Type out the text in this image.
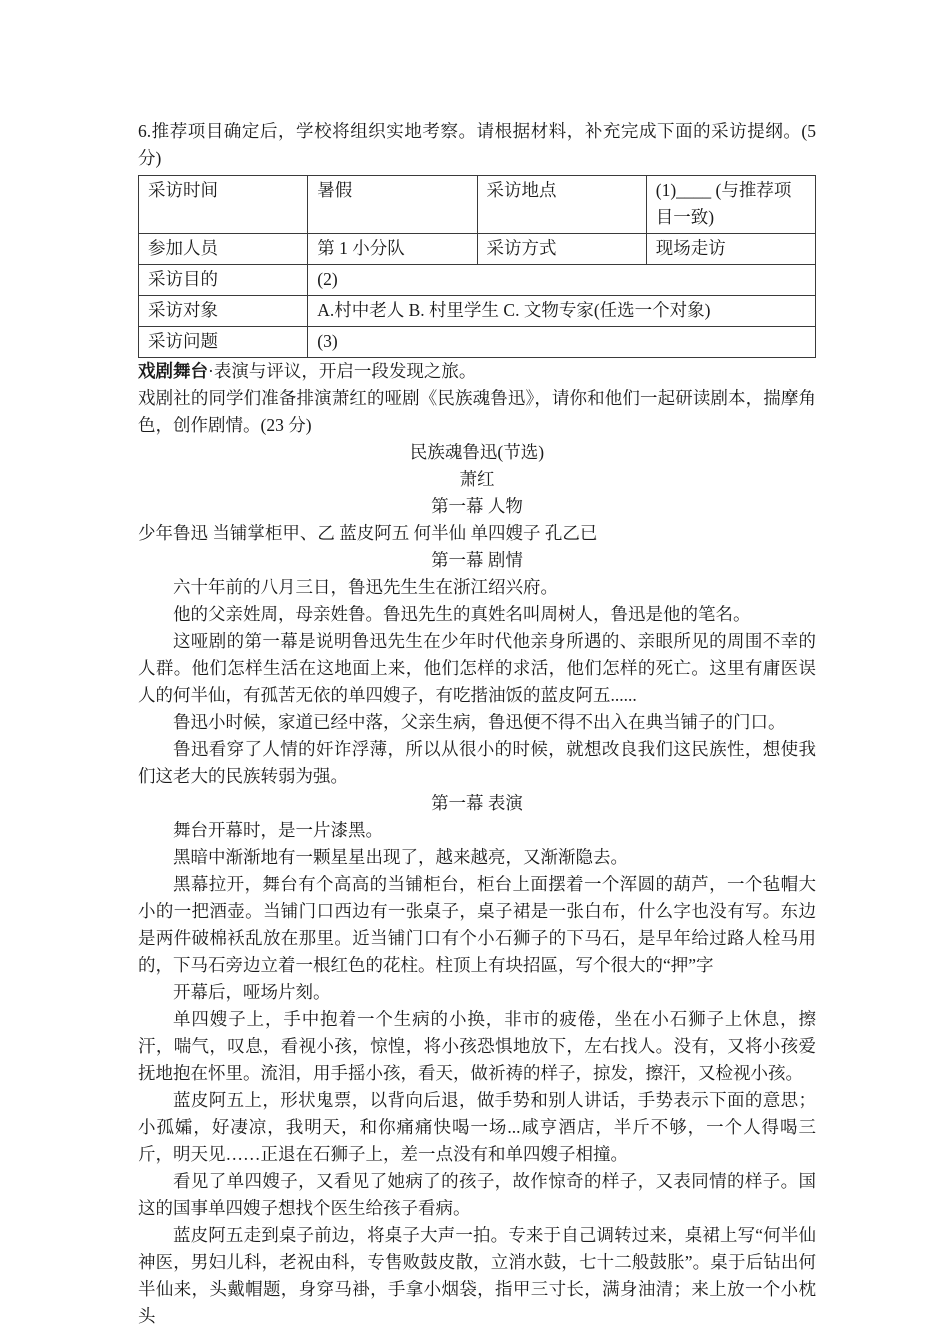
6.推荐项目确定后，学校将组织实地考察。请根据材料，补充完成下面的采访提纲。(5 分)

采访时间	暑假	采访地点	(1)____ (与推荐项目一致)
参加人员	第 1 小分队	采访方式	现场走访
采访目的	(2)		
采访对象	A.村中老人 B. 村里学生 C. 文物专家(任选一个对象)		
采访问题	(3)		

戏剧舞台·表演与评议，开启一段发现之旅。

戏剧社的同学们准备排演萧红的哑剧《民族魂鲁迅》，请你和他们一起研读剧本，揣摩角色，创作剧情。(23 分)

民族魂鲁迅(节选)

萧红

第一幕 人物

少年鲁迅 当铺掌柜甲、乙 蓝皮阿五 何半仙 单四嫂子 孔乙已

第一幕 剧情

六十年前的八月三日，鲁迅先生生在浙江绍兴府。

他的父亲姓周，母亲姓鲁。鲁迅先生的真姓名叫周树人，鲁迅是他的笔名。

这哑剧的第一幕是说明鲁迅先生在少年时代他亲身所遇的、亲眼所见的周围不幸的人群。他们怎样生活在这地面上来，他们怎样的求活，他们怎样的死亡。这里有庸医误人的何半仙，有孤苦无依的单四嫂子，有吃揩油饭的蓝皮阿五......

鲁迅小时候，家道已经中落，父亲生病，鲁迅便不得不出入在典当铺子的门口。

鲁迅看穿了人情的奸诈浮薄，所以从很小的时候，就想改良我们这民族性，想使我们这老大的民族转弱为强。

第一幕 表演

舞台开幕时，是一片漆黑。

黑暗中渐渐地有一颗星星出现了，越来越亮，又渐渐隐去。

黑幕拉开，舞台有个高高的当铺柜台，柜台上面摆着一个浑圆的葫芦，一个毡帽大小的一把酒壶。当铺门口西边有一张桌子，桌子裙是一张白布，什么字也没有写。东边是两件破棉袄乱放在那里。近当铺门口有个小石狮子的下马石，是早年给过路人栓马用的，下马石旁边立着一根红色的花柱。柱顶上有块招區，写个很大的“押”字

开幕后，哑场片刻。

单四嫂子上，手中抱着一个生病的小换，非市的疲倦，坐在小石狮子上休息，擦汗，喘气，叹息，看视小孩，惊惶，将小孩恐惧地放下，左右找人。没有，又将小孩爱抚地抱在怀里。流泪，用手摇小孩，看天，做祈祷的样子，掠发，擦汗，又检视小孩。

蓝皮阿五上，形状鬼票，以背向后退，做手势和别人讲话，手势表示下面的意思；小孤孀，好凄凉，我明天，和你痛痛快喝一场...咸亨酒店，半斤不够，一个人得喝三斤，明天见……正退在石狮子上，差一点没有和单四嫂子相撞。

看见了单四嫂子，又看见了她病了的孩子，故作惊奇的样子，又表同情的样子。国这的国事单四嫂子想找个医生给孩子看病。

蓝皮阿五走到桌子前边，将桌子大声一拍。专来于自己调转过来，桌裙上写“何半仙神医，男妇儿科，老祝由科，专售败鼓皮散，立消水鼓，七十二般鼓胀”。桌于后钻出何半仙来，头戴帽题，身穿马褂，手拿小烟袋，指甲三寸长，满身油清；来上放一个小枕头
